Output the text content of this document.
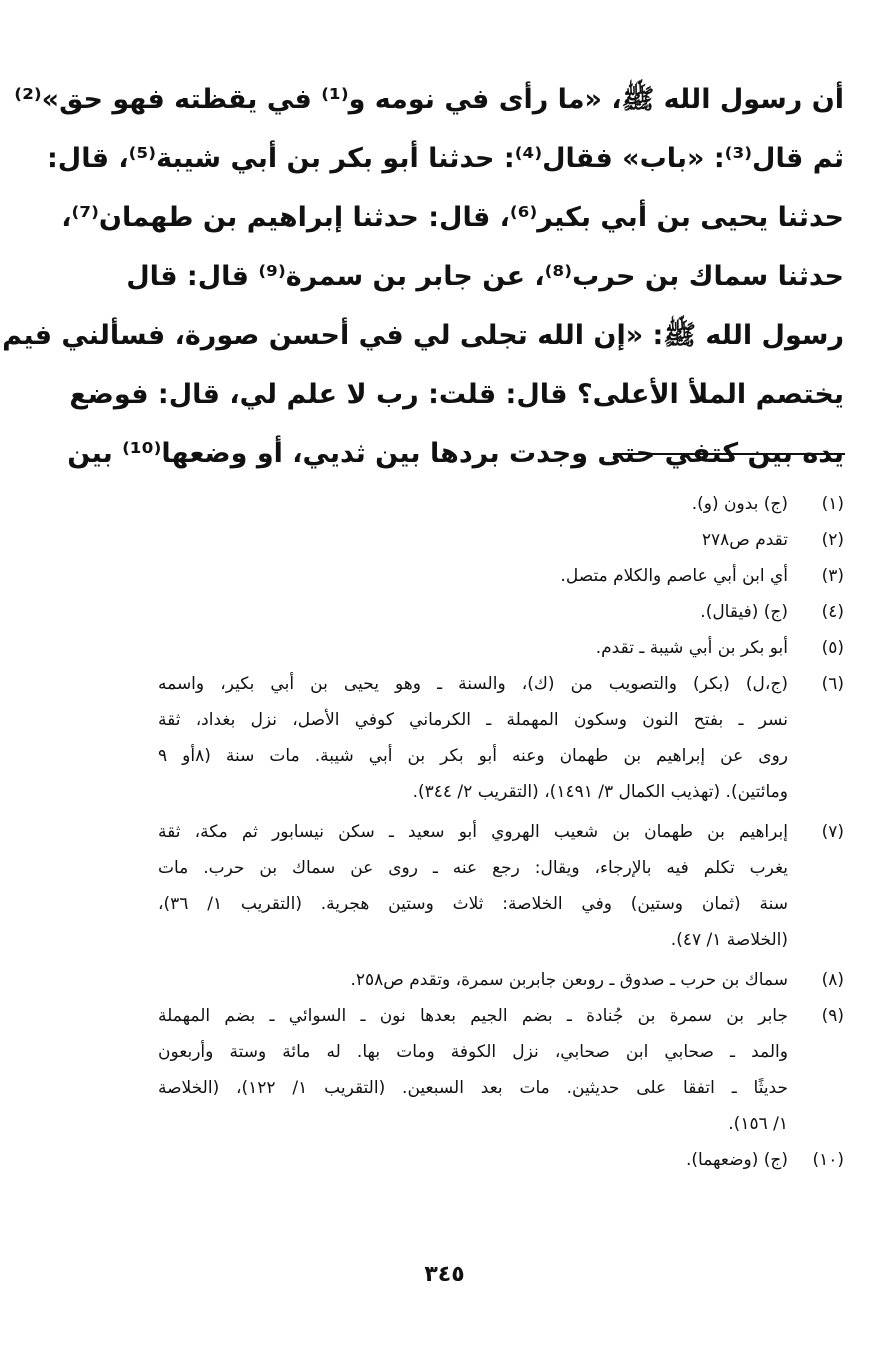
أن رسول الله ﷺ، «ما رأى في نومه و⁽¹⁾ في يقظته فهو حق»⁽²⁾
ثم قال⁽³⁾: «باب» فقال⁽⁴⁾: حدثنا أبو بكر بن أبي شيبة⁽⁵⁾، قال:
حدثنا يحيى بن أبي بكير⁽⁶⁾، قال: حدثنا إبراهيم بن طهمان⁽⁷⁾،
حدثنا سماك بن حرب⁽⁸⁾، عن جابر بن سمرة⁽⁹⁾ قال: قال
رسول الله ﷺ: «إن الله تجلى لي في أحسن صورة، فسألني فيم
يختصم الملأ الأعلى؟ قال: قلت: رب لا علم لي، قال: فوضع
يده بين كتفي حتى وجدت بردها بين ثديي، أو وضعها⁽¹⁰⁾ بين
(١)
(ج) بدون (و).
(٢)
تقدم ص٢٧٨
(٣)
أي ابن أبي عاصم والكلام متصل.
(٤)
(ج) (فيقال).
(٥)
أبو بكر بن أبي شيبة ـ تقدم.
(٦)
(ج،ل) (بكر) والتصويب من (ك)، والسنة ـ وهو يحيى بن أبي بكير، واسمه
نسر ـ بفتح النون وسكون المهملة ـ الكرماني كوفي الأصل، نزل بغداد، ثقة
روى عن إبراهيم بن طهمان وعنه أبو بكر بن أبي شيبة. مات سنة (٨أو ٩
ومائتين). (تهذيب الكمال ٣/ ١٤٩١)، (التقريب ٢/ ٣٤٤).
(٧)
إبراهيم بن طهمان بن شعيب الهروي أبو سعيد ـ سكن نيسابور ثم مكة، ثقة
يغرب تكلم فيه بالإرجاء، ويقال: رجع عنه ـ روى عن سماك بن حرب. مات
سنة (ثمان وستين) وفي الخلاصة: ثلاث وستين هجرية. (التقريب ١/ ٣٦)،
(الخلاصة ١/ ٤٧).
(٨)
سماك بن حرب ـ صدوق ـ روىعن جابربن سمرة، وتقدم ص٢٥٨.
(٩)
جابر بن سمرة بن جُنادة ـ بضم الجيم بعدها نون ـ السوائي ـ بضم المهملة
والمد ـ صحابي ابن صحابي، نزل الكوفة ومات بها. له مائة وستة وأربعون
حديثًا ـ اتفقا على حديثين. مات بعد السبعين. (التقريب ١/ ١٢٢)، (الخلاصة
١/ ١٥٦).
(١٠)
(ج) (وضعهما).
٣٤٥
